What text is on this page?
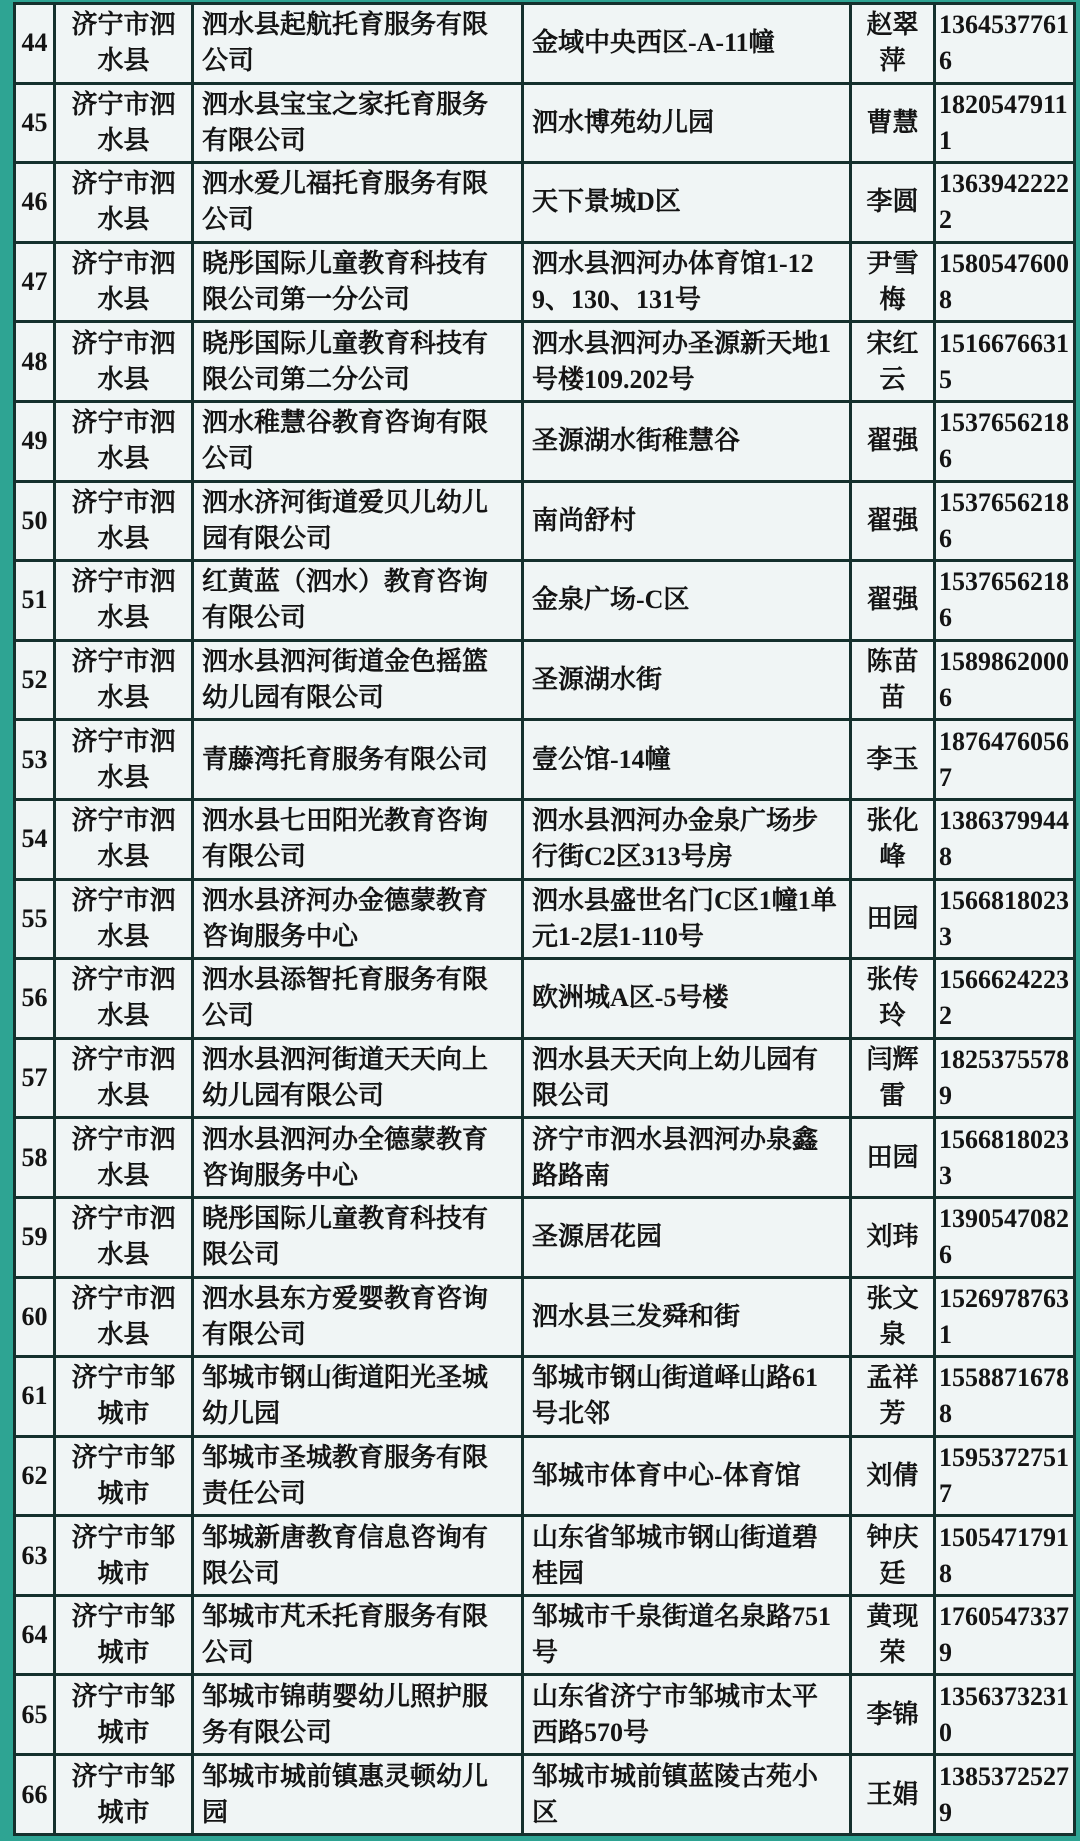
44	济宁市泗水县	泗水县起航托育服务有限公司	金域中央西区-A-11幢	赵翠萍	13645377616
45	济宁市泗水县	泗水县宝宝之家托育服务有限公司	泗水博苑幼儿园	曹慧	18205479111
46	济宁市泗水县	泗水爱儿福托育服务有限公司	天下景城D区	李圆	13639422222
47	济宁市泗水县	晓彤国际儿童教育科技有限公司第一分公司	泗水县泗河办体育馆1-129、130、131号	尹雪梅	15805476008
48	济宁市泗水县	晓彤国际儿童教育科技有限公司第二分公司	泗水县泗河办圣源新天地1号楼109.202号	宋红云	15166766315
49	济宁市泗水县	泗水稚慧谷教育咨询有限公司	圣源湖水街稚慧谷	翟强	15376562186
50	济宁市泗水县	泗水济河街道爱贝儿幼儿园有限公司	南尚舒村	翟强	15376562186
51	济宁市泗水县	红黄蓝（泗水）教育咨询有限公司	金泉广场-C区	翟强	15376562186
52	济宁市泗水县	泗水县泗河街道金色摇篮幼儿园有限公司	圣源湖水街	陈苗苗	15898620006
53	济宁市泗水县	青藤湾托育服务有限公司	壹公馆-14幢	李玉	18764760567
54	济宁市泗水县	泗水县七田阳光教育咨询有限公司	泗水县泗河办金泉广场步行街C2区313号房	张化峰	13863799448
55	济宁市泗水县	泗水县济河办金德蒙教育咨询服务中心	泗水县盛世名门C区1幢1单元1-2层1-110号	田园	15668180233
56	济宁市泗水县	泗水县添智托育服务有限公司	欧洲城A区-5号楼	张传玲	15666242232
57	济宁市泗水县	泗水县泗河街道天天向上幼儿园有限公司	泗水县天天向上幼儿园有限公司	闫辉雷	18253755789
58	济宁市泗水县	泗水县泗河办全德蒙教育咨询服务中心	济宁市泗水县泗河办泉鑫路路南	田园	15668180233
59	济宁市泗水县	晓彤国际儿童教育科技有限公司	圣源居花园	刘玮	13905470826
60	济宁市泗水县	泗水县东方爱婴教育咨询有限公司	泗水县三发舜和街	张文泉	15269787631
61	济宁市邹城市	邹城市钢山街道阳光圣城幼儿园	邹城市钢山街道峄山路61号北邻	孟祥芳	15588716788
62	济宁市邹城市	邹城市圣城教育服务有限责任公司	邹城市体育中心-体育馆	刘倩	15953727517
63	济宁市邹城市	邹城新唐教育信息咨询有限公司	山东省邹城市钢山街道碧桂园	钟庆廷	15054717918
64	济宁市邹城市	邹城市芃禾托育服务有限公司	邹城市千泉街道名泉路751号	黄现荣	17605473379
65	济宁市邹城市	邹城市锦萌婴幼儿照护服务有限公司	山东省济宁市邹城市太平西路570号	李锦	13563732310
66	济宁市邹城市	邹城市城前镇惠灵顿幼儿园	邹城市城前镇蓝陵古苑小区	王娟	13853725279
